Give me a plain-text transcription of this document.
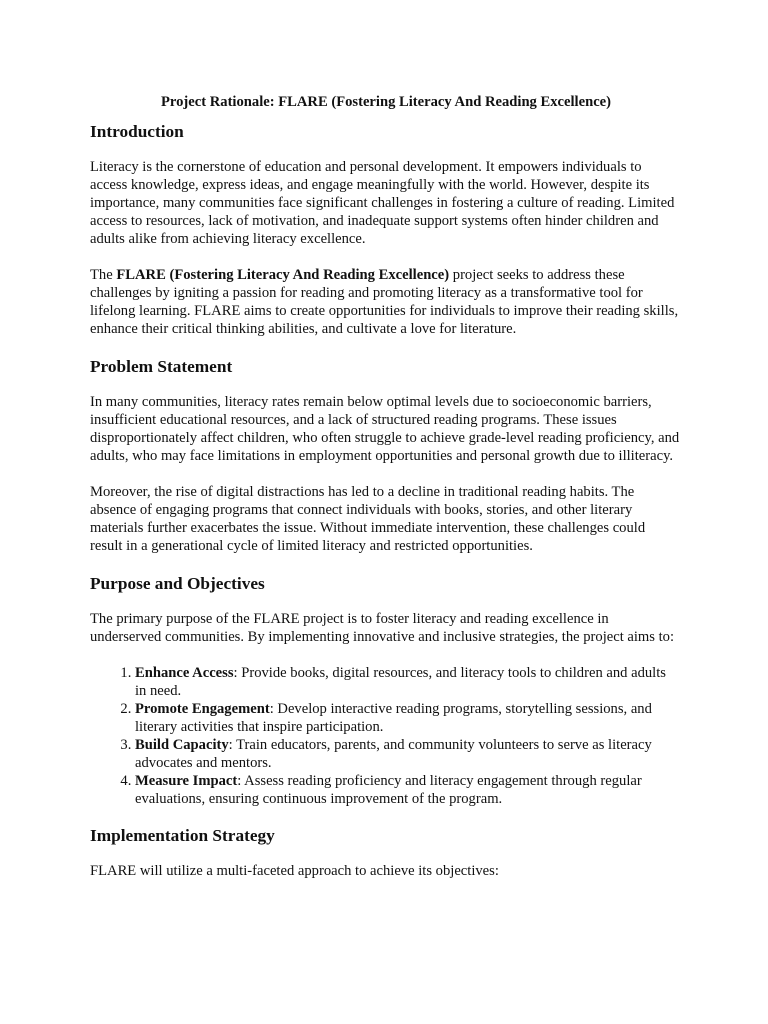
Project Rationale: FLARE (Fostering Literacy And Reading Excellence)
Introduction

Literacy is the cornerstone of education and personal development. It empowers individuals to access knowledge, express ideas, and engage meaningfully with the world. However, despite its importance, many communities face significant challenges in fostering a culture of reading. Limited access to resources, lack of motivation, and inadequate support systems often hinder children and adults alike from achieving literacy excellence.

The FLARE (Fostering Literacy And Reading Excellence) project seeks to address these challenges by igniting a passion for reading and promoting literacy as a transformative tool for lifelong learning. FLARE aims to create opportunities for individuals to improve their reading skills, enhance their critical thinking abilities, and cultivate a love for literature.

Problem Statement

In many communities, literacy rates remain below optimal levels due to socioeconomic barriers, insufficient educational resources, and a lack of structured reading programs. These issues disproportionately affect children, who often struggle to achieve grade-level reading proficiency, and adults, who may face limitations in employment opportunities and personal growth due to illiteracy.

Moreover, the rise of digital distractions has led to a decline in traditional reading habits. The absence of engaging programs that connect individuals with books, stories, and other literary materials further exacerbates the issue. Without immediate intervention, these challenges could result in a generational cycle of limited literacy and restricted opportunities.

Purpose and Objectives

The primary purpose of the FLARE project is to foster literacy and reading excellence in underserved communities. By implementing innovative and inclusive strategies, the project aims to:

1. Enhance Access: Provide books, digital resources, and literacy tools to children and adults in need.
2. Promote Engagement: Develop interactive reading programs, storytelling sessions, and literary activities that inspire participation.
3. Build Capacity: Train educators, parents, and community volunteers to serve as literacy advocates and mentors.
4. Measure Impact: Assess reading proficiency and literacy engagement through regular evaluations, ensuring continuous improvement of the program.
Implementation Strategy

FLARE will utilize a multi-faceted approach to achieve its objectives:
